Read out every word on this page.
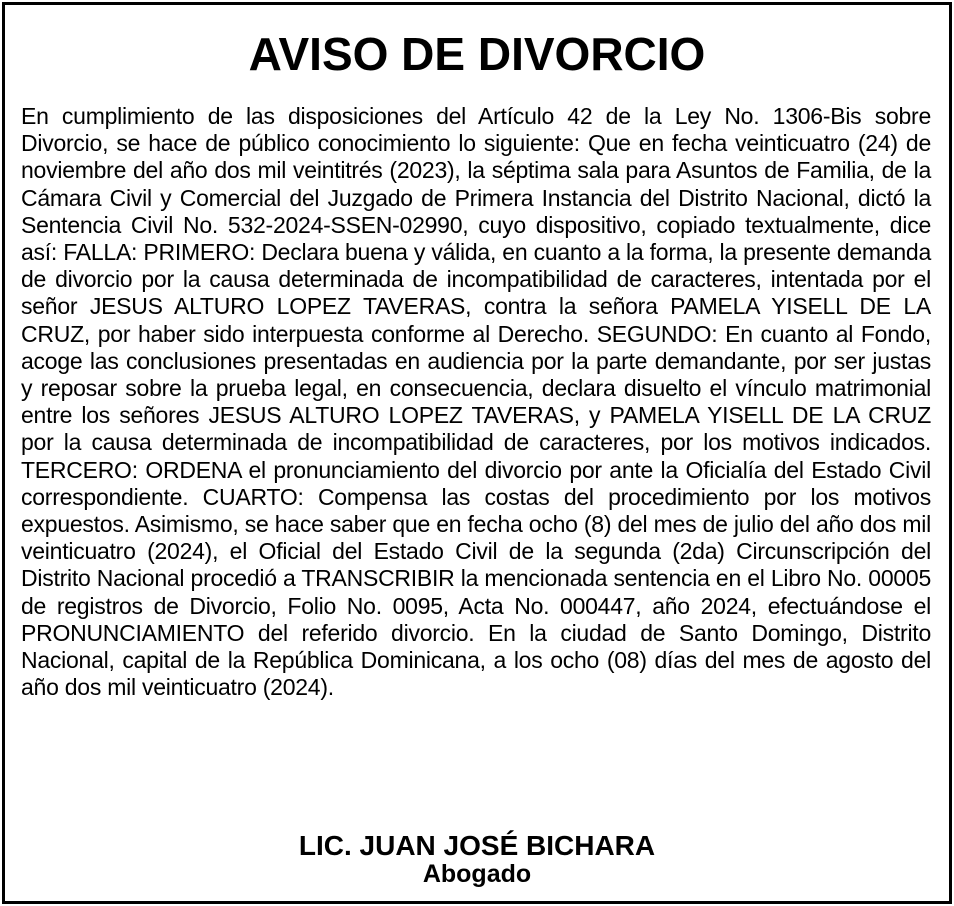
AVISO DE DIVORCIO

En cumplimiento de las disposiciones del Artículo 42 de la Ley No. 1306-Bis sobre Divorcio, se hace de público conocimiento lo siguiente: Que en fecha veinticuatro (24) de noviembre del año dos mil veintitrés (2023), la séptima sala para Asuntos de Familia, de la Cámara Civil y Comercial del Juzgado de Primera Instancia del Distrito Nacional, dictó la Sentencia Civil No. 532-2024-SSEN-02990, cuyo dispositivo, copiado textualmente, dice así: FALLA: PRIMERO: Declara buena y válida, en cuanto a la forma, la presente demanda de divorcio por la causa determinada de incompatibilidad de caracteres, intentada por el señor JESUS ALTURO LOPEZ TAVERAS, contra la señora PAMELA YISELL DE LA CRUZ, por haber sido interpuesta conforme al Derecho. SEGUNDO: En cuanto al Fondo, acoge las conclusiones presentadas en audiencia por la parte demandante, por ser justas y reposar sobre la prueba legal, en consecuencia, declara disuelto el vínculo matrimonial entre los señores JESUS ALTURO LOPEZ TAVERAS, y PAMELA YISELL DE LA CRUZ por la causa determinada de incompatibilidad de caracteres, por los motivos indicados. TERCERO: ORDENA el pronunciamiento del divorcio por ante la Oficialía del Estado Civil correspondiente. CUARTO: Compensa las costas del procedimiento por los motivos expuestos. Asimismo, se hace saber que en fecha ocho (8) del mes de julio del año dos mil veinticuatro (2024), el Oficial del Estado Civil de la segunda (2da) Circunscripción del Distrito Nacional procedió a TRANSCRIBIR la mencionada sentencia en el Libro No. 00005 de registros de Divorcio, Folio No. 0095, Acta No. 000447, año 2024, efectuándose el PRONUNCIAMIENTO del referido divorcio. En la ciudad de Santo Domingo, Distrito Nacional, capital de la República Dominicana, a los ocho (08) días del mes de agosto del año dos mil veinticuatro (2024).

LIC. JUAN JOSÉ BICHARA
Abogado
